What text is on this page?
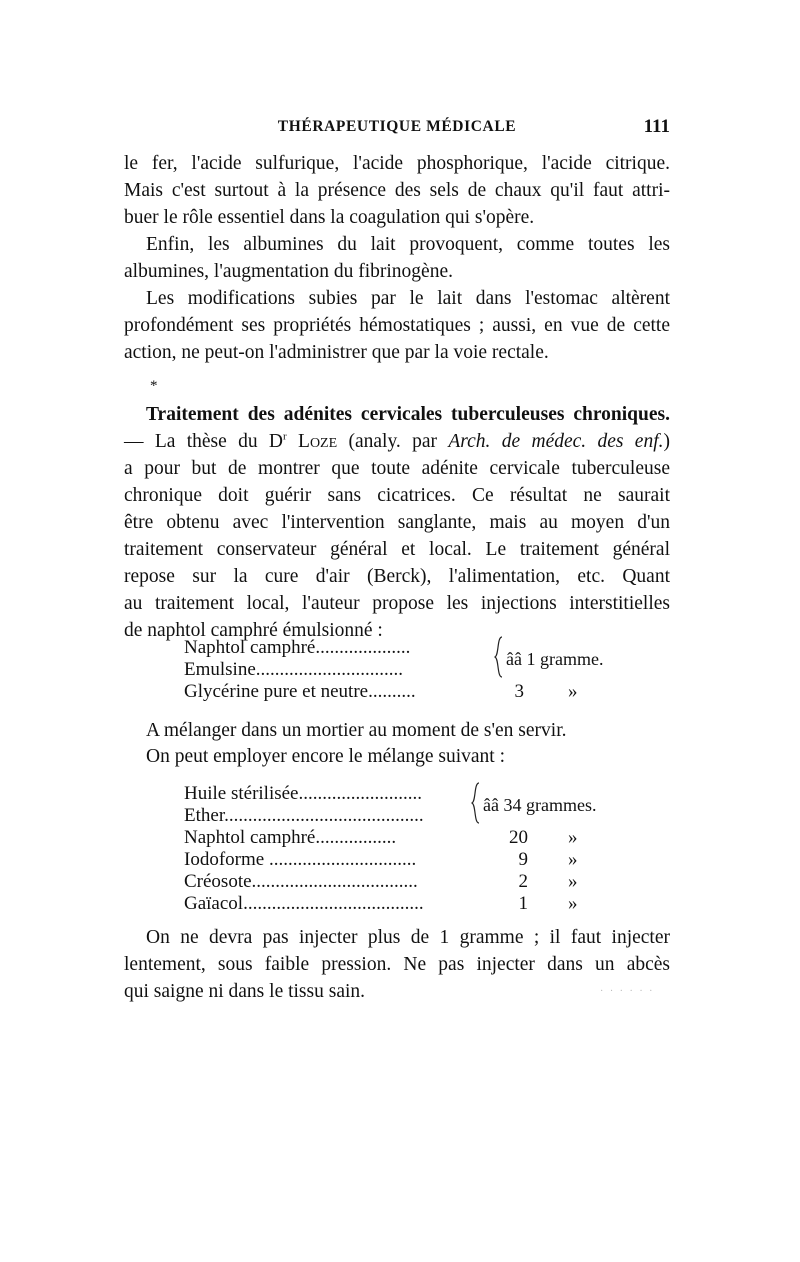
THÉRAPEUTIQUE MÉDICALE	111
le fer, l'acide sulfurique, l'acide phosphorique, l'acide citrique.
Mais c'est surtout à la présence des sels de chaux qu'il faut attri-
buer le rôle essentiel dans la coagulation qui s'opère.
Enfin, les albumines du lait provoquent, comme toutes les
albumines, l'augmentation du fibrinogène.
Les modifications subies par le lait dans l'estomac altèrent
profondément ses propriétés hémostatiques ; aussi, en vue de cette
action, ne peut-on l'administrer que par la voie rectale.
*
Traitement des adénites cervicales tuberculeuses chroniques.
— La thèse du $D^r$ Loze (analy. par Arch. de médec. des enf.)
a pour but de montrer que toute adénite cervicale tuberculeuse
chronique doit guérir sans cicatrices. Ce résultat ne saurait
être obtenu avec l'intervention sanglante, mais au moyen d'un
traitement conservateur général et local. Le traitement général
repose sur la cure d'air (Berck), l'alimentation, etc. Quant
au traitement local, l'auteur propose les injections interstitielles
de naphtol camphré émulsionné :
Naphtol camphré....................
Emulsine...............................
Glycérine pure et neutre..........	3 »
ââ 1 gramme.
A mélanger dans un mortier au moment de s'en servir.
On peut employer encore le mélange suivant :
Huile stérilisée..........................
Ether..........................................
Naphtol camphré.................	20 »
Iodoforme ...............................	9 »
Créosote...................................	2 »
Gaïacol......................................	1 »
ââ 34 grammes.
On ne devra pas injecter plus de 1 gramme ; il faut injecter
lentement, sous faible pression. Ne pas injecter dans un abcès
qui saigne ni dans le tissu sain.	· · · · · ·
